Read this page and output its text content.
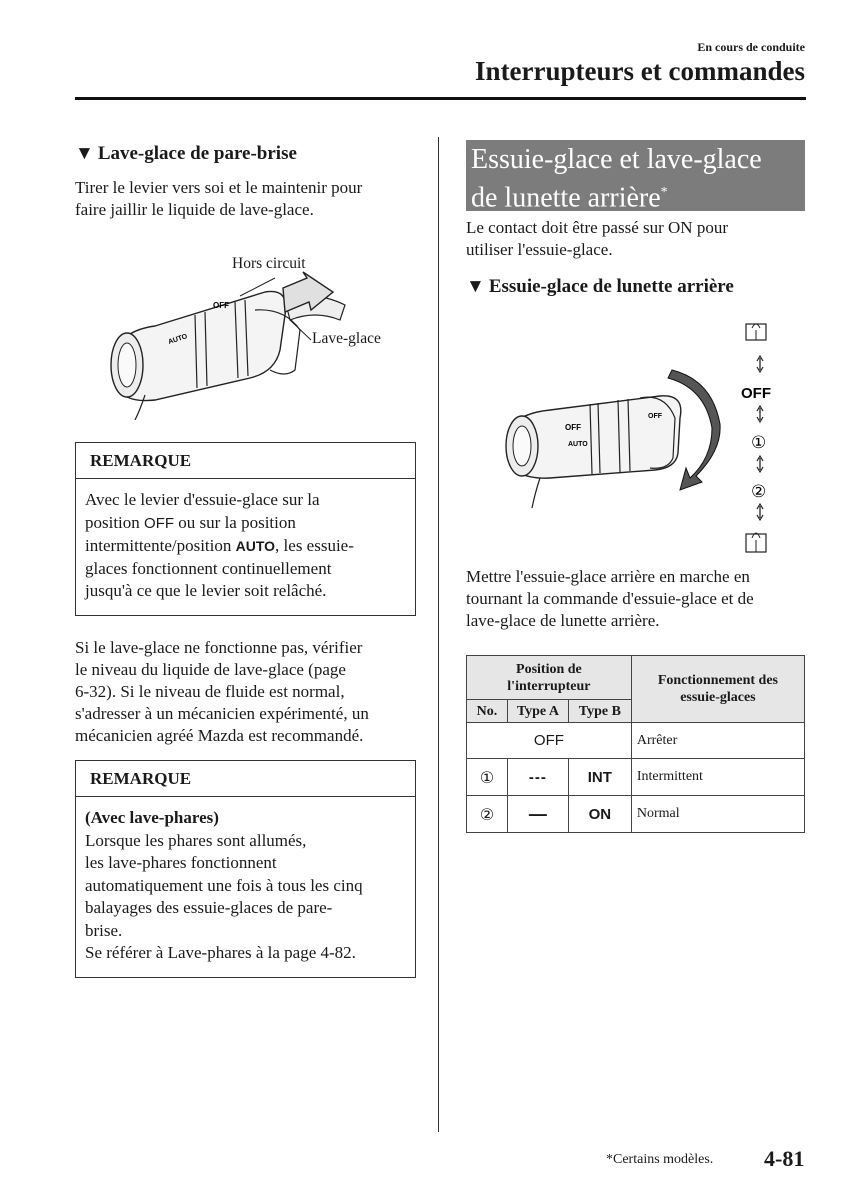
En cours de conduite
Interrupteurs et commandes
▼ Lave-glace de pare-brise
Tirer le levier vers soi et le maintenir pour
faire jaillir le liquide de lave-glace.
Hors circuit
Lave-glace
OFF
AUTO
REMARQUE
Avec le levier d'essuie-glace sur la
position OFF ou sur la position
intermittente/position AUTO, les essuie-
glaces fonctionnent continuellement
jusqu'à ce que le levier soit relâché.
Si le lave-glace ne fonctionne pas, vérifier
le niveau du liquide de lave-glace (page
6-32). Si le niveau de fluide est normal,
s'adresser à un mécanicien expérimenté, un
mécanicien agréé Mazda est recommandé.
REMARQUE
(Avec lave-phares)
Lorsque les phares sont allumés,
les lave-phares fonctionnent
automatiquement une fois à tous les cinq
balayages des essuie-glaces de pare-
brise.
Se référer à Lave-phares à la page 4-82.
Essuie-glace et lave-glace
de lunette arrière*
Le contact doit être passé sur ON pour
utiliser l'essuie-glace.
▼ Essuie-glace de lunette arrière
OFF
AUTO
OFF
OFF
①
②
Mettre l'essuie-glace arrière en marche en
tournant la commande d'essuie-glace et de
lave-glace de lunette arrière.
Position de l'interrupteur			Fonctionnement des essuie-glaces

No.	Type A	Type B	
OFF			Arrêter
①	---	INT	Intermittent
②	—	ON	Normal
*Certains modèles. 4-81
